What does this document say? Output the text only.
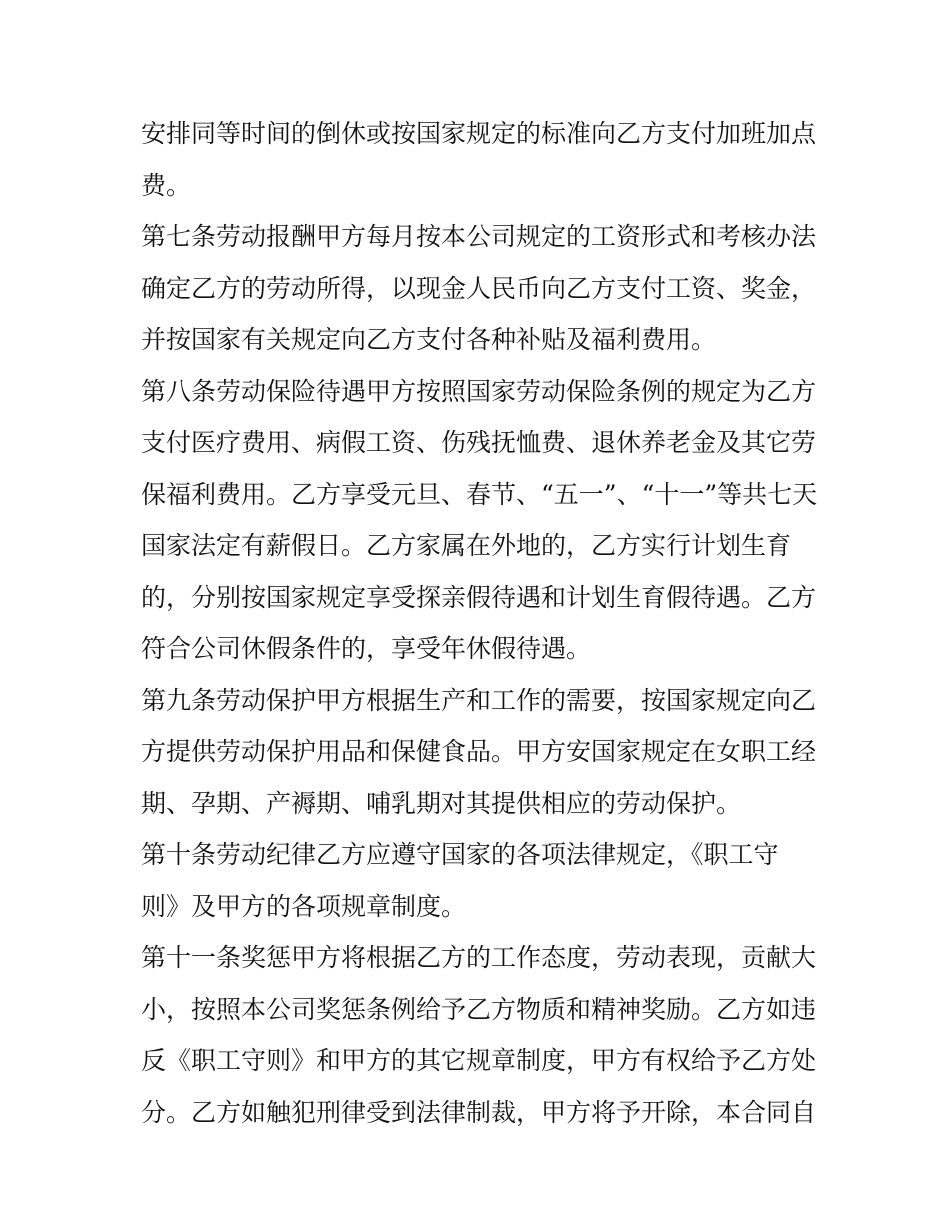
安排同等时间的倒休或按国家规定的标准向乙方支付加班加点
费。
第七条劳动报酬甲方每月按本公司规定的工资形式和考核办法
确定乙方的劳动所得，以现金人民币向乙方支付工资、奖金，
并按国家有关规定向乙方支付各种补贴及福利费用。
第八条劳动保险待遇甲方按照国家劳动保险条例的规定为乙方
支付医疗费用、病假工资、伤残抚恤费、退休养老金及其它劳
保福利费用。乙方享受元旦、春节、“五一”、“十一”等共七天
国家法定有薪假日。乙方家属在外地的，乙方实行计划生育
的，分别按国家规定享受探亲假待遇和计划生育假待遇。乙方
符合公司休假条件的，享受年休假待遇。
第九条劳动保护甲方根据生产和工作的需要，按国家规定向乙
方提供劳动保护用品和保健食品。甲方安国家规定在女职工经
期、孕期、产褥期、哺乳期对其提供相应的劳动保护。
第十条劳动纪律乙方应遵守国家的各项法律规定，《职工守
则》及甲方的各项规章制度。
第十一条奖惩甲方将根据乙方的工作态度，劳动表现，贡献大
小，按照本公司奖惩条例给予乙方物质和精神奖励。乙方如违
反《职工守则》和甲方的其它规章制度，甲方有权给予乙方处
分。乙方如触犯刑律受到法律制裁，甲方将予开除，本合同自
